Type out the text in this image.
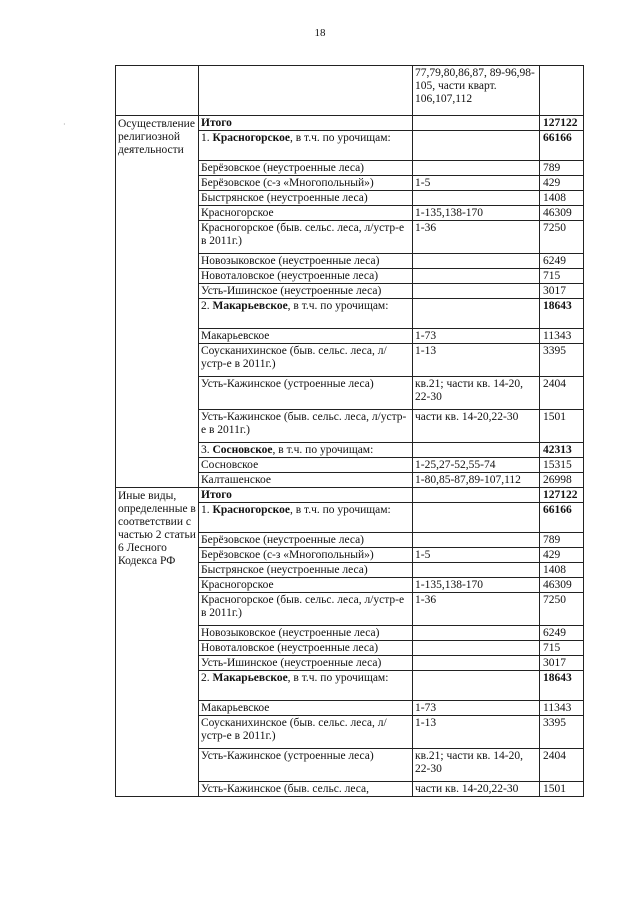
18
·
		77,79,80,86,87, 89-96,98-105, части кварт. 106,107,112	
Осуществление религиозной деятельности	Итого		127122
	1. Красногорское, в т.ч. по урочищам:		66166
	Берёзовское (неустроенные леса)		789
	Берёзовское (с-з «Многопольный»)	1-5	429
	Быстрянское (неустроенные леса)		1408
	Красногорское	1-135,138-170	46309
	Красногорское (быв. сельс. леса, л/устр-е в 2011г.)	1-36	7250
	Новозыковское (неустроенные леса)		6249
	Новоталовское (неустроенные леса)		715
	Усть-Ишинское (неустроенные леса)		3017
	2. Макарьевское, в т.ч. по урочищам:		18643
	Макарьевское	1-73	11343
	Соусканихинское (быв. сельс. леса, л/устр-е в 2011г.)	1-13	3395
	Усть-Кажинское (устроенные леса)	кв.21; части кв. 14-20, 22-30	2404
	Усть-Кажинское (быв. сельс. леса, л/устр-е в 2011г.)	части кв. 14-20,22-30	1501
	3. Сосновское, в т.ч. по урочищам:		42313
	Сосновское	1-25,27-52,55-74	15315
	Калташенское	1-80,85-87,89-107,112	26998
Иные виды, определенные в соответствии с частью 2 статьи 6 Лесного Кодекса РФ	Итого		127122
	1. Красногорское, в т.ч. по урочищам:		66166
	Берёзовское (неустроенные леса)		789
	Берёзовское (с-з «Многопольный»)	1-5	429
	Быстрянское (неустроенные леса)		1408
	Красногорское	1-135,138-170	46309
	Красногорское (быв. сельс. леса, л/устр-е в 2011г.)	1-36	7250
	Новозыковское (неустроенные леса)		6249
	Новоталовское (неустроенные леса)		715
	Усть-Ишинское (неустроенные леса)		3017
	2. Макарьевское, в т.ч. по урочищам:		18643
	Макарьевское	1-73	11343
	Соусканихинское (быв. сельс. леса, л/устр-е в 2011г.)	1-13	3395
	Усть-Кажинское (устроенные леса)	кв.21; части кв. 14-20, 22-30	2404
	Усть-Кажинское (быв. сельс. леса,	части кв. 14-20,22-30	1501
